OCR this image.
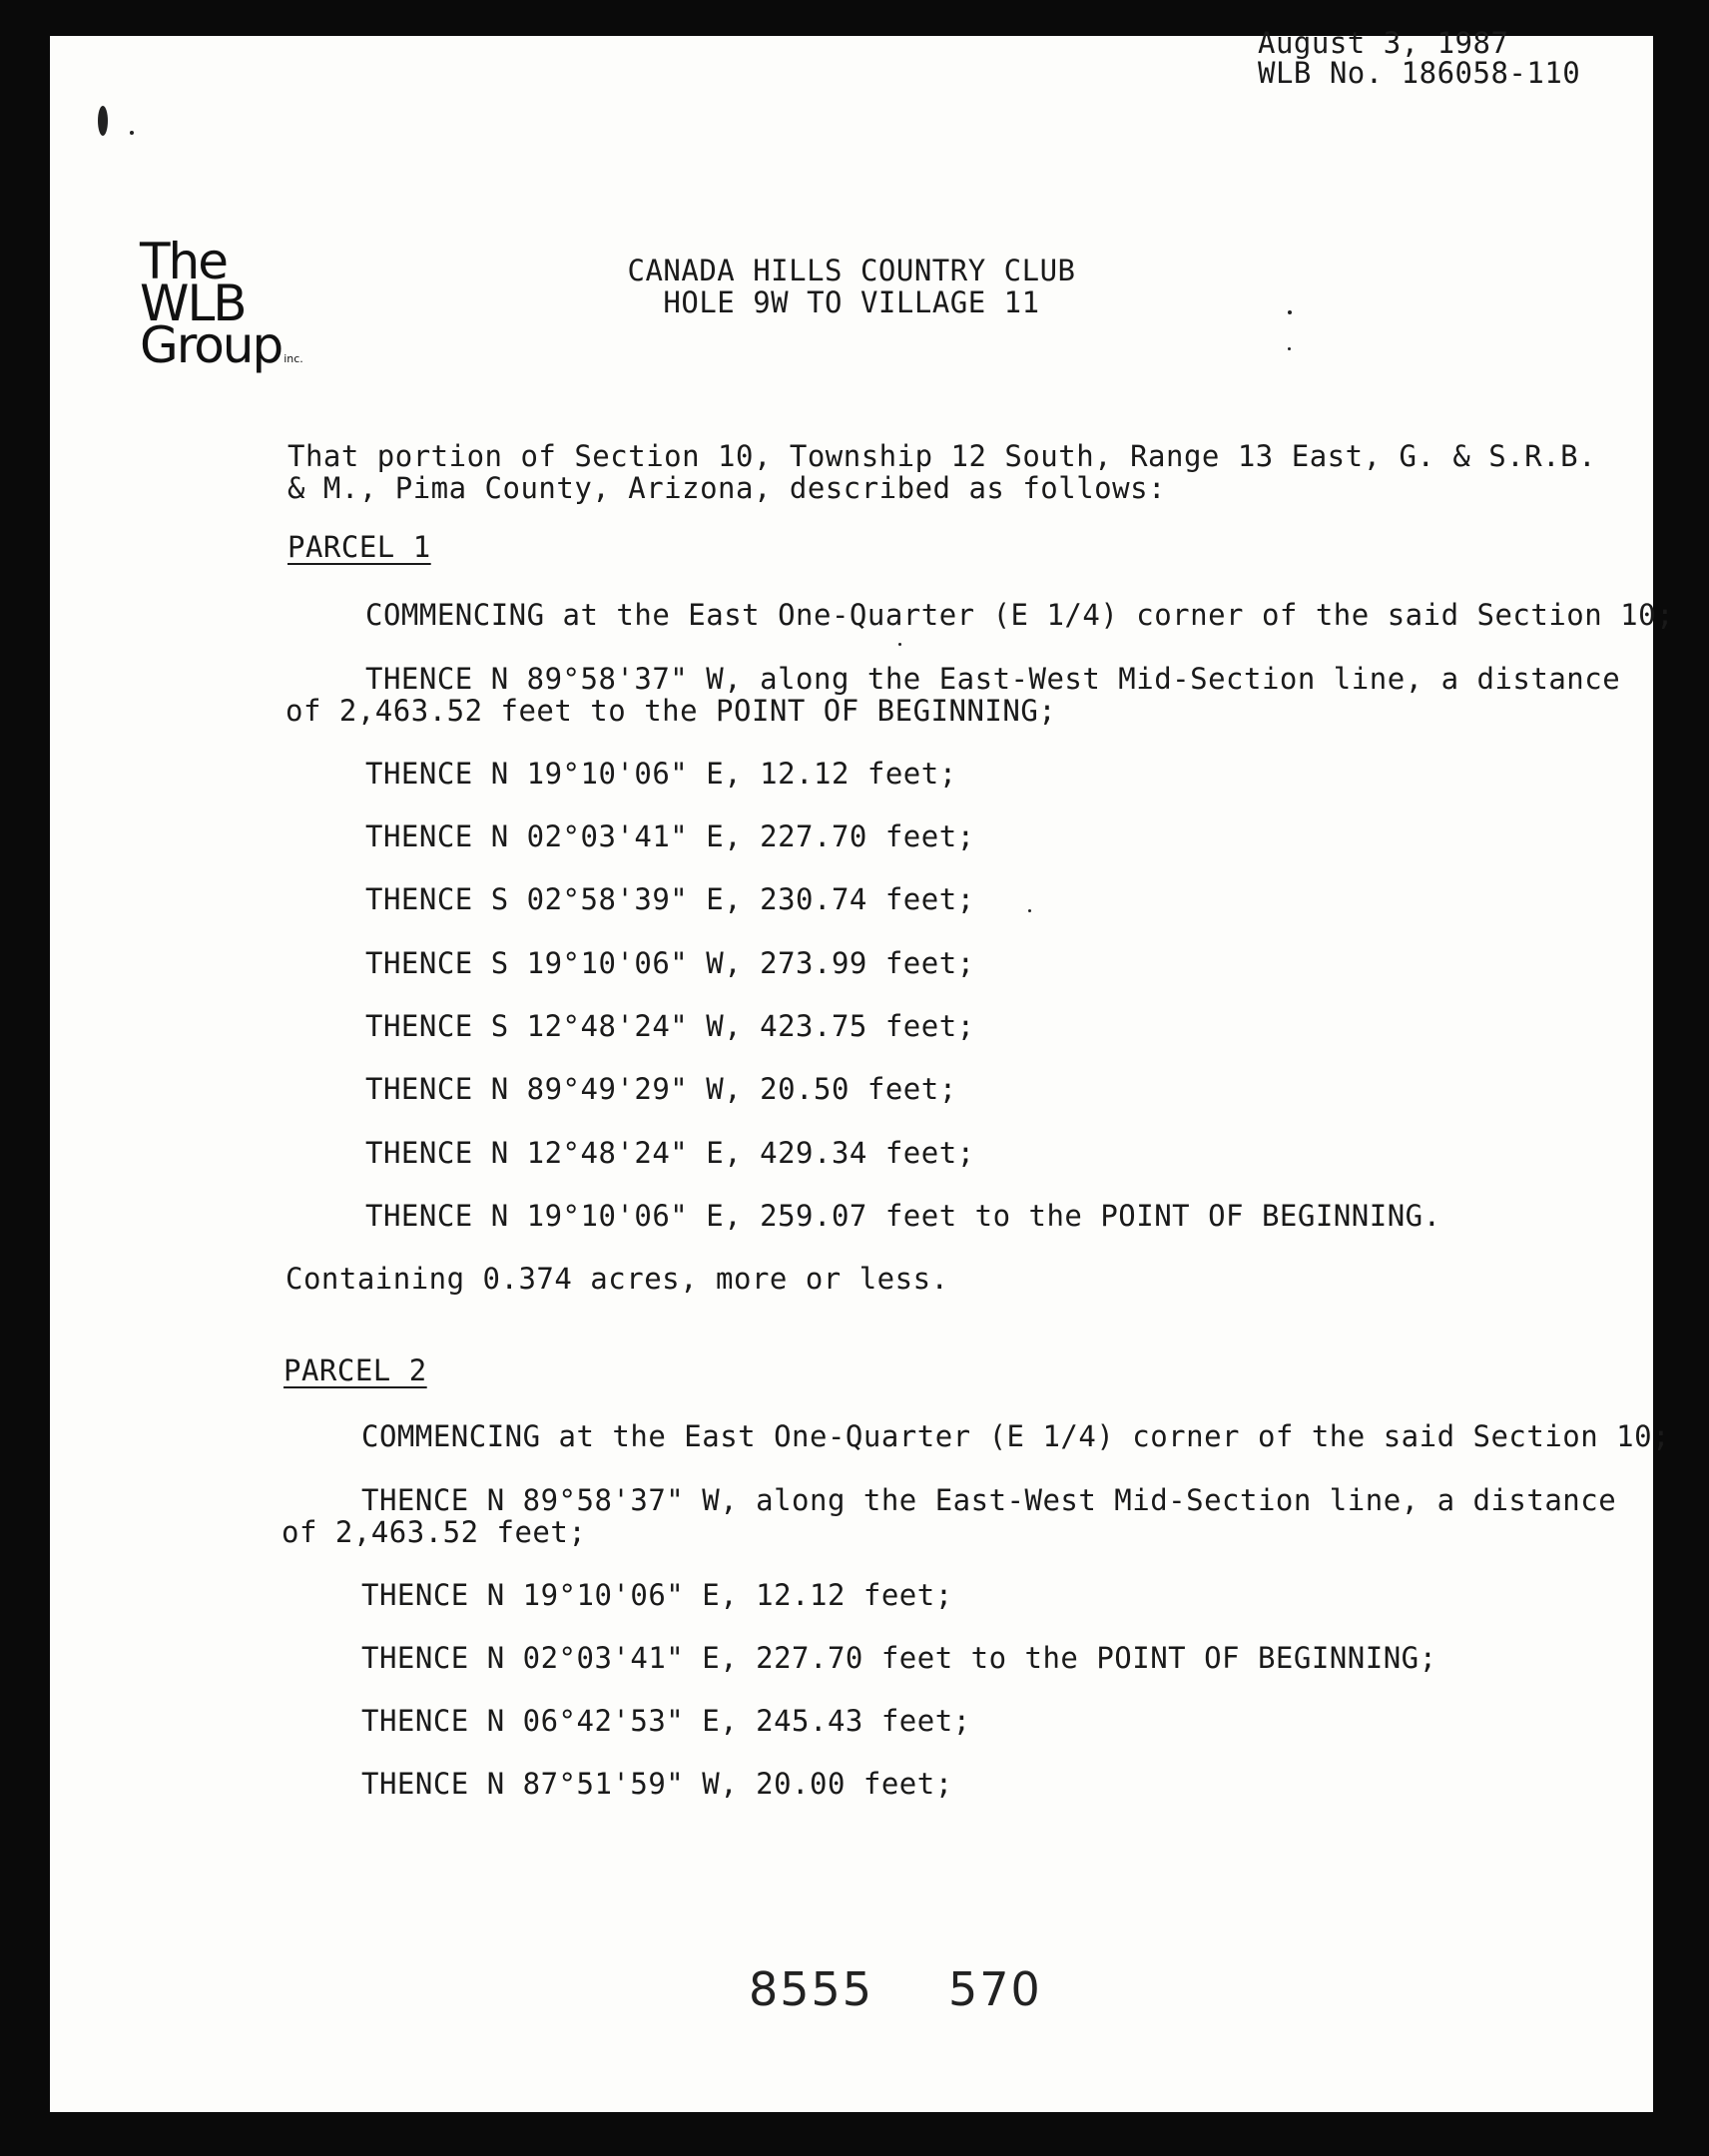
August 3, 1987
WLB No. 186058-110
The
WLB
Group inc.
CANADA HILLS COUNTRY CLUB
HOLE 9W TO VILLAGE 11
That portion of Section 10, Township 12 South, Range 13 East, G. & S.R.B.
& M., Pima County, Arizona, described as follows:
PARCEL 1
COMMENCING at the East One-Quarter (E 1/4) corner of the said Section 10;
THENCE N 89°58'37" W, along the East-West Mid-Section line, a distance
of 2,463.52 feet to the POINT OF BEGINNING;
THENCE N 19°10'06" E, 12.12 feet;
THENCE N 02°03'41" E, 227.70 feet;
THENCE S 02°58'39" E, 230.74 feet;
THENCE S 19°10'06" W, 273.99 feet;
THENCE S 12°48'24" W, 423.75 feet;
THENCE N 89°49'29" W, 20.50 feet;
THENCE N 12°48'24" E, 429.34 feet;
THENCE N 19°10'06" E, 259.07 feet to the POINT OF BEGINNING.
Containing 0.374 acres, more or less.
PARCEL 2
COMMENCING at the East One-Quarter (E 1/4) corner of the said Section 10;
THENCE N 89°58'37" W, along the East-West Mid-Section line, a distance
of 2,463.52 feet;
THENCE N 19°10'06" E, 12.12 feet;
THENCE N 02°03'41" E, 227.70 feet to the POINT OF BEGINNING;
THENCE N 06°42'53" E, 245.43 feet;
THENCE N 87°51'59" W, 20.00 feet;
8555 570
